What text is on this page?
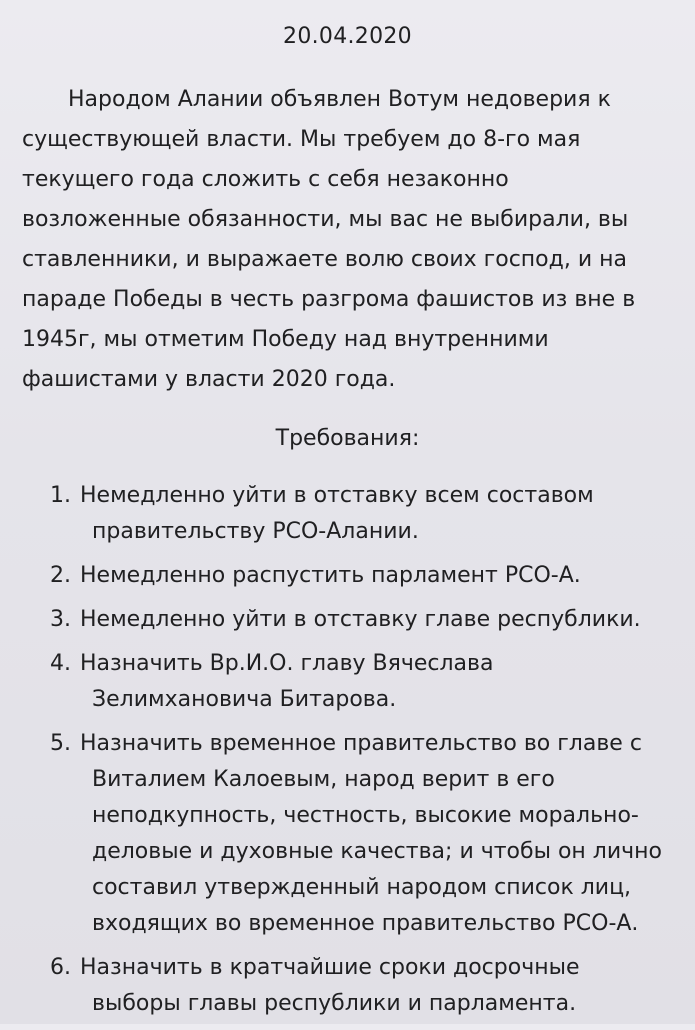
20.04.2020
Народом Алании объявлен Вотум недоверия к
существующей власти. Мы требуем до 8-го мая
текущего года сложить с себя незаконно
возложенные обязанности, мы вас не выбирали, вы
ставленники, и выражаете волю своих господ, и на
параде Победы в честь разгрома фашистов из вне в
1945г, мы отметим Победу над внутренними
фашистами у власти 2020 года.
Требования:
1. Немедленно уйти в отставку всем составом
правительству РСО-Алании.
2. Немедленно распустить парламент РСО-А.
3. Немедленно уйти в отставку главе республики.
4. Назначить Вр.И.О. главу Вячеслава
Зелимхановича Битарова.
5. Назначить временное правительство во главе с
Виталием Калоевым, народ верит в его
неподкупность, честность, высокие морально-
деловые и духовные качества; и чтобы он лично
составил утвержденный народом список лиц,
входящих во временное правительство РСО-А.
6. Назначить в кратчайшие сроки досрочные
выборы главы республики и парламента.
